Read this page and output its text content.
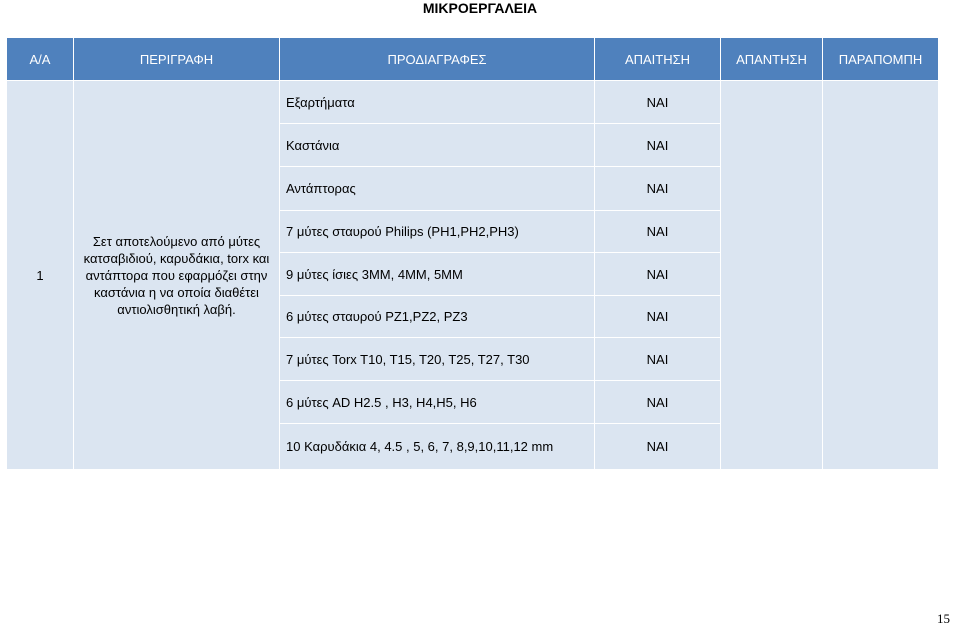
ΜΙΚΡΟΕΡΓΑΛΕΙΑ
Α/Α	ΠΕΡΙΓΡΑΦΗ	ΠΡΟΔΙΑΓΡΑΦΕΣ	ΑΠΑΙΤΗΣΗ	ΑΠΑΝΤΗΣΗ	ΠΑΡΑΠΟΜΠΗ
1	Σετ αποτελούμενο από μύτες κατσαβιδιού, καρυδάκια, torx και αντάπτορα που εφαρμόζει στην καστάνια η να οποία διαθέτει αντιολισθητική λαβή.	Εξαρτήματα	ΝΑΙ		
		Καστάνια	ΝΑΙ		
		Αντάπτορας	ΝΑΙ		
		7 μύτες σταυρού Philips (PH1,PH2,PH3)	ΝΑΙ		
		9 μύτες ίσιες 3MM, 4MM, 5MM	ΝΑΙ		
		6 μύτες σταυρού PZ1,PZ2, PZ3	ΝΑΙ		
		7 μύτες Torx T10, T15, T20, T25, T27, T30	ΝΑΙ		
		6 μύτες AD H2.5 , H3, H4,H5, H6	ΝΑΙ		
		10 Καρυδάκια 4, 4.5 , 5, 6, 7, 8,9,10,11,12 mm	ΝΑΙ		
15
